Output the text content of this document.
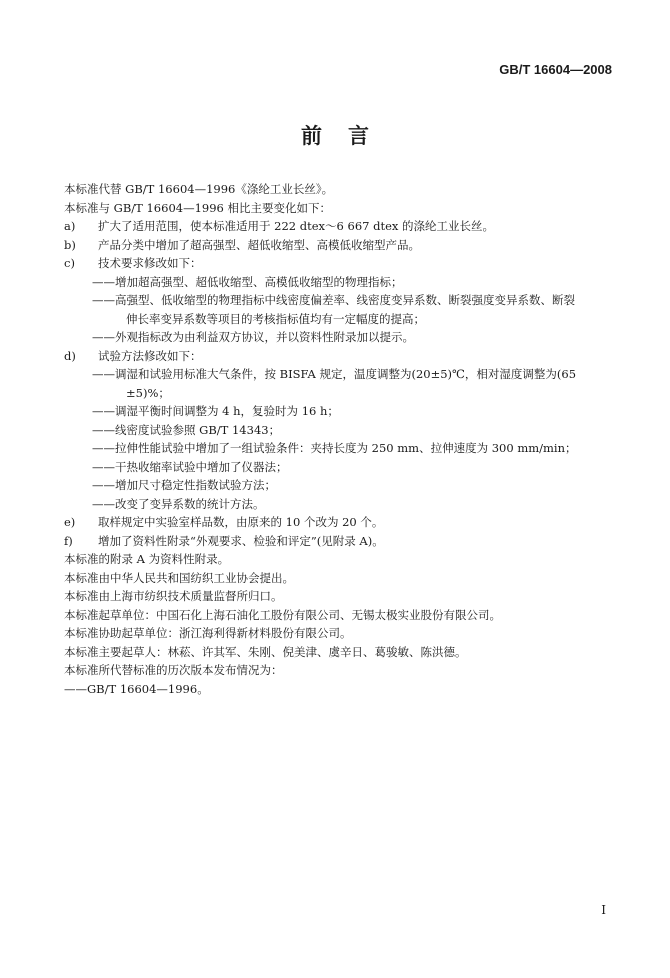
GB/T 16604—2008
前言
本标准代替 GB/T 16604—1996《涤纶工业长丝》。
本标准与 GB/T 16604—1996 相比主要变化如下：
a) 扩大了适用范围，使本标准适用于 222 dtex～6 667 dtex 的涤纶工业长丝。
b) 产品分类中增加了超高强型、超低收缩型、高模低收缩型产品。
c) 技术要求修改如下：
——增加超高强型、超低收缩型、高模低收缩型的物理指标；
——高强型、低收缩型的物理指标中线密度偏差率、线密度变异系数、断裂强度变异系数、断裂
伸长率变异系数等项目的考核指标值均有一定幅度的提高；
——外观指标改为由利益双方协议，并以资料性附录加以提示。
d) 试验方法修改如下：
——调湿和试验用标准大气条件，按 BISFA 规定，温度调整为(20±5)℃，相对湿度调整为(65
±5)%；
——调湿平衡时间调整为 4 h，复验时为 16 h；
——线密度试验参照 GB/T 14343；
——拉伸性能试验中增加了一组试验条件：夹持长度为 250 mm、拉伸速度为 300 mm/min；
——干热收缩率试验中增加了仪器法；
——增加尺寸稳定性指数试验方法；
——改变了变异系数的统计方法。
e) 取样规定中实验室样品数，由原来的 10 个改为 20 个。
f) 增加了资料性附录“外观要求、检验和评定”(见附录 A)。
本标准的附录 A 为资料性附录。
本标准由中华人民共和国纺织工业协会提出。
本标准由上海市纺织技术质量监督所归口。
本标准起草单位：中国石化上海石油化工股份有限公司、无锡太极实业股份有限公司。
本标准协助起草单位：浙江海利得新材料股份有限公司。
本标准主要起草人：林菘、许其军、朱刚、倪美津、虞辛日、葛骏敏、陈洪德。
本标准所代替标准的历次版本发布情况为：
——GB/T 16604—1996。
I
